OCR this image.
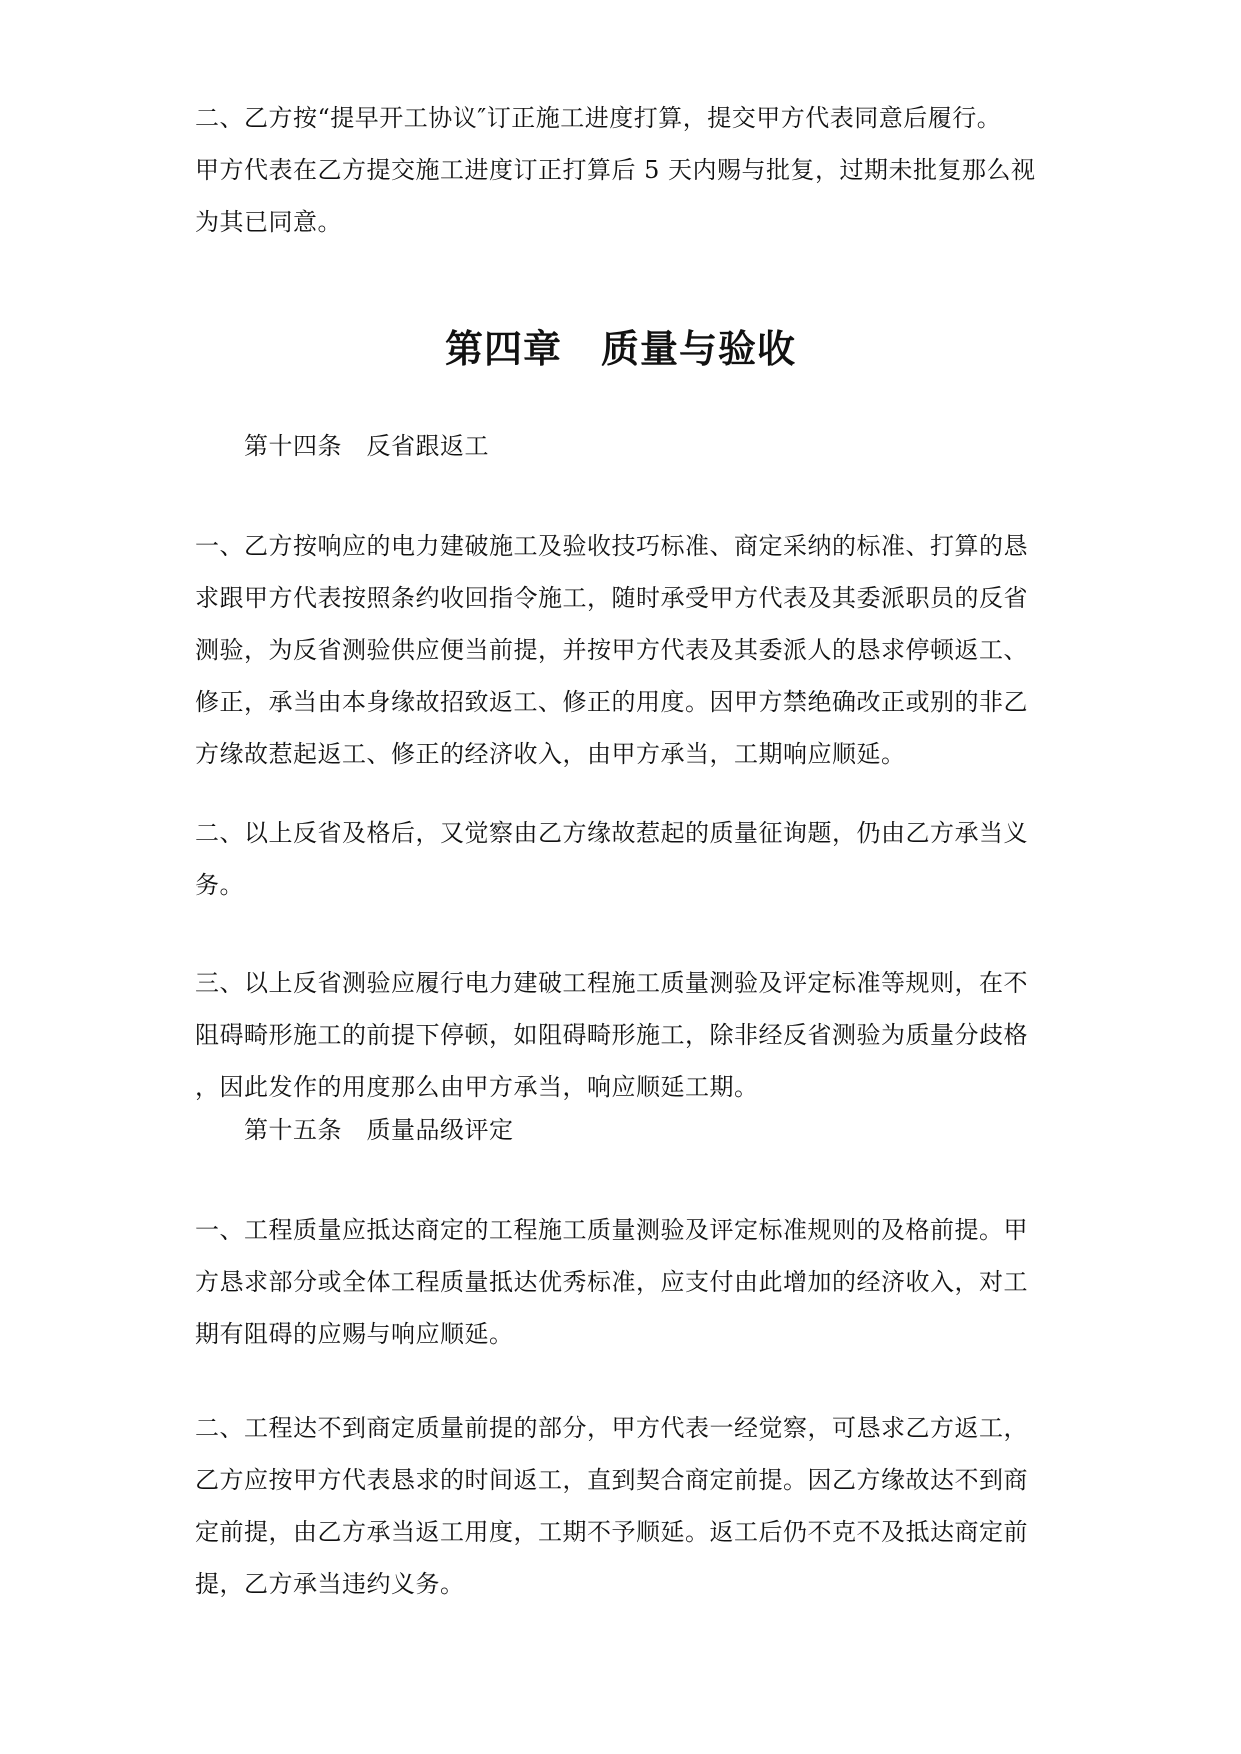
二、乙方按“提早开工协议″订正施工进度打算，提交甲方代表同意后履行。
甲方代表在乙方提交施工进度订正打算后 5 天内赐与批复，过期未批复那么视
为其已同意。

第四章　质量与验收

第十四条　反省跟返工

一、乙方按响应的电力建破施工及验收技巧标准、商定采纳的标准、打算的恳
求跟甲方代表按照条约收回指令施工，随时承受甲方代表及其委派职员的反省
测验，为反省测验供应便当前提，并按甲方代表及其委派人的恳求停顿返工、
修正，承当由本身缘故招致返工、修正的用度。因甲方禁绝确改正或别的非乙
方缘故惹起返工、修正的经济收入，由甲方承当，工期响应顺延。

二、以上反省及格后，又觉察由乙方缘故惹起的质量征询题，仍由乙方承当义
务。

三、以上反省测验应履行电力建破工程施工质量测验及评定标准等规则，在不
阻碍畸形施工的前提下停顿，如阻碍畸形施工，除非经反省测验为质量分歧格
，因此发作的用度那么由甲方承当，响应顺延工期。

第十五条　质量品级评定

一、工程质量应抵达商定的工程施工质量测验及评定标准规则的及格前提。甲
方恳求部分或全体工程质量抵达优秀标准，应支付由此增加的经济收入，对工
期有阻碍的应赐与响应顺延。

二、工程达不到商定质量前提的部分，甲方代表一经觉察，可恳求乙方返工，
乙方应按甲方代表恳求的时间返工，直到契合商定前提。因乙方缘故达不到商
定前提，由乙方承当返工用度，工期不予顺延。返工后仍不克不及抵达商定前
提，乙方承当违约义务。
